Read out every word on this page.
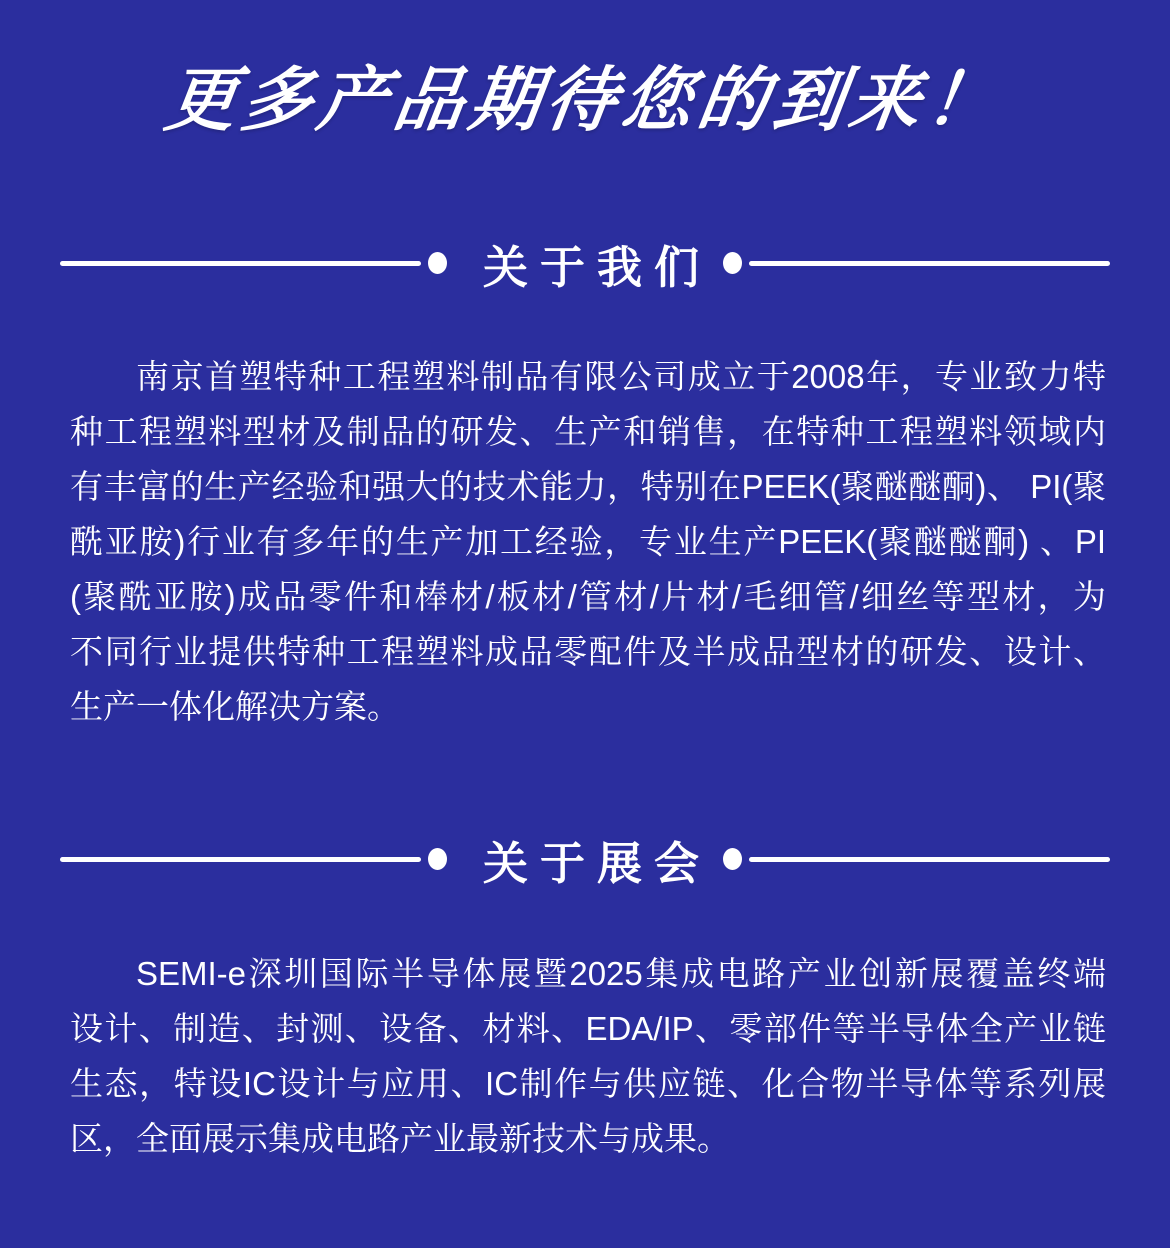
更多产品期待您的到来！
关于我们
南京首塑特种工程塑料制品有限公司成立于2008年，专业致力特
种工程塑料型材及制品的研发、生产和销售，在特种工程塑料领域内
有丰富的生产经验和强大的技术能力，特别在PEEK(聚醚醚酮)、 PI(聚
酰亚胺)行业有多年的生产加工经验，专业生产PEEK(聚醚醚酮) 、PI
(聚酰亚胺)成品零件和棒材/板材/管材/片材/毛细管/细丝等型材，为
不同行业提供特种工程塑料成品零配件及半成品型材的研发、设计、
生产一体化解决方案。
关于展会
SEMI-e深圳国际半导体展暨2025集成电路产业创新展覆盖终端
设计、制造、封测、设备、材料、EDA/IP、零部件等半导体全产业链
生态，特设IC设计与应用、IC制作与供应链、化合物半导体等系列展
区，全面展示集成电路产业最新技术与成果。
